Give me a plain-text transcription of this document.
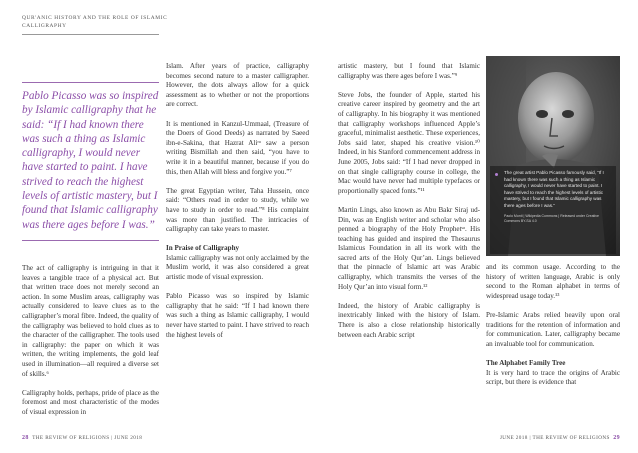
QUR'ANIC HISTORY AND THE ROLE OF ISLAMIC CALLIGRAPHY

Pablo Picasso was so inspired by Islamic calligraphy that he said: “If I had known there was such a thing as Islamic calligraphy, I would never have started to paint. I have strived to reach the highest levels of artistic mastery, but I found that Islamic calligraphy was there ages before I was.”

The act of calligraphy is intriguing in that it leaves a tangible trace of a physical act. But that written trace does not merely second an action. In some Muslim areas, calligraphy was actually considered to leave clues as to the calligrapher’s moral fibre. Indeed, the quality of the calligraphy was believed to hold clues as to the character of the calligrapher. The tools used in calligraphy: the paper on which it was written, the writing implements, the gold leaf used in illumination—all required a diverse set of skills.⁶

Calligraphy holds, perhaps, pride of place as the foremost and most characteristic of the modes of visual expression in

Islam. After years of practice, calligraphy becomes second nature to a master calligrapher. However, the dots always allow for a quick assessment as to whether or not the proportions are correct.

It is mentioned in Kanzul-Ummaal, (Treasure of the Doers of Good Deeds) as narrated by Saeed ibn-e-Sakina, that Hazrat Aliʳᵃ saw a person writing Bismillah and then said, “you have to write it in a beautiful manner, because if you do this, then Allah will bless and forgive you.”⁷

The great Egyptian writer, Taha Hussein, once said: “Others read in order to study, while we have to study in order to read.”⁸ His complaint was more than justified. The intricacies of calligraphy can take years to master.

In Praise of Calligraphy

Islamic calligraphy was not only acclaimed by the Muslim world, it was also considered a great artistic mode of visual expression.

Pablo Picasso was so inspired by Islamic calligraphy that he said: “If I had known there was such a thing as Islamic calligraphy, I would never have started to paint. I have strived to reach the highest levels of

artistic mastery, but I found that Islamic calligraphy was there ages before I was.”⁹

Steve Jobs, the founder of Apple, started his creative career inspired by geometry and the art of calligraphy. In his biography it was mentioned that calligraphy workshops influenced Apple’s graceful, minimalist aesthetic. These experiences, Jobs said later, shaped his creative vision.¹⁰ Indeed, in his Stanford commencement address in June 2005, Jobs said: “If I had never dropped in on that single calligraphy course in college, the Mac would have never had multiple typefaces or proportionally spaced fonts.”¹¹

Martin Lings, also known as Abu Bakr Siraj ud-Din, was an English writer and scholar who also penned a biography of the Holy Prophetˢᵃ. His teaching has guided and inspired the Thesaurus Islamicus Foundation in all its work with the sacred arts of the Holy Qur’an. Lings believed that the pinnacle of Islamic art was Arabic calligraphy, which transmits the verses of the Holy Qur’an into visual form.¹²

Indeed, the history of Arabic calligraphy is inextricably linked with the history of Islam. There is also a close relationship historically between each Arabic script

The great artist Pablo Picasso famously said, “If I had known there was such a thing as Islamic calligraphy, I would never have started to paint. I have strived to reach the highest levels of artistic mastery, but I found that Islamic calligraphy was there ages before I was.”
Paolo Monti | Wikipedia Commons | Released under Creative Commons BY-SA 4.0

and its common usage. According to the history of written language, Arabic is only second to the Roman alphabet in terms of widespread usage today.¹³

Pre-Islamic Arabs relied heavily upon oral traditions for the retention of information and for communication. Later, calligraphy became an invaluable tool for communication.

The Alphabet Family Tree

It is very hard to trace the origins of Arabic script, but there is evidence that

28 THE REVIEW OF RELIGIONS | JUNE 2018	JUNE 2018 | THE REVIEW OF RELIGIONS 29
